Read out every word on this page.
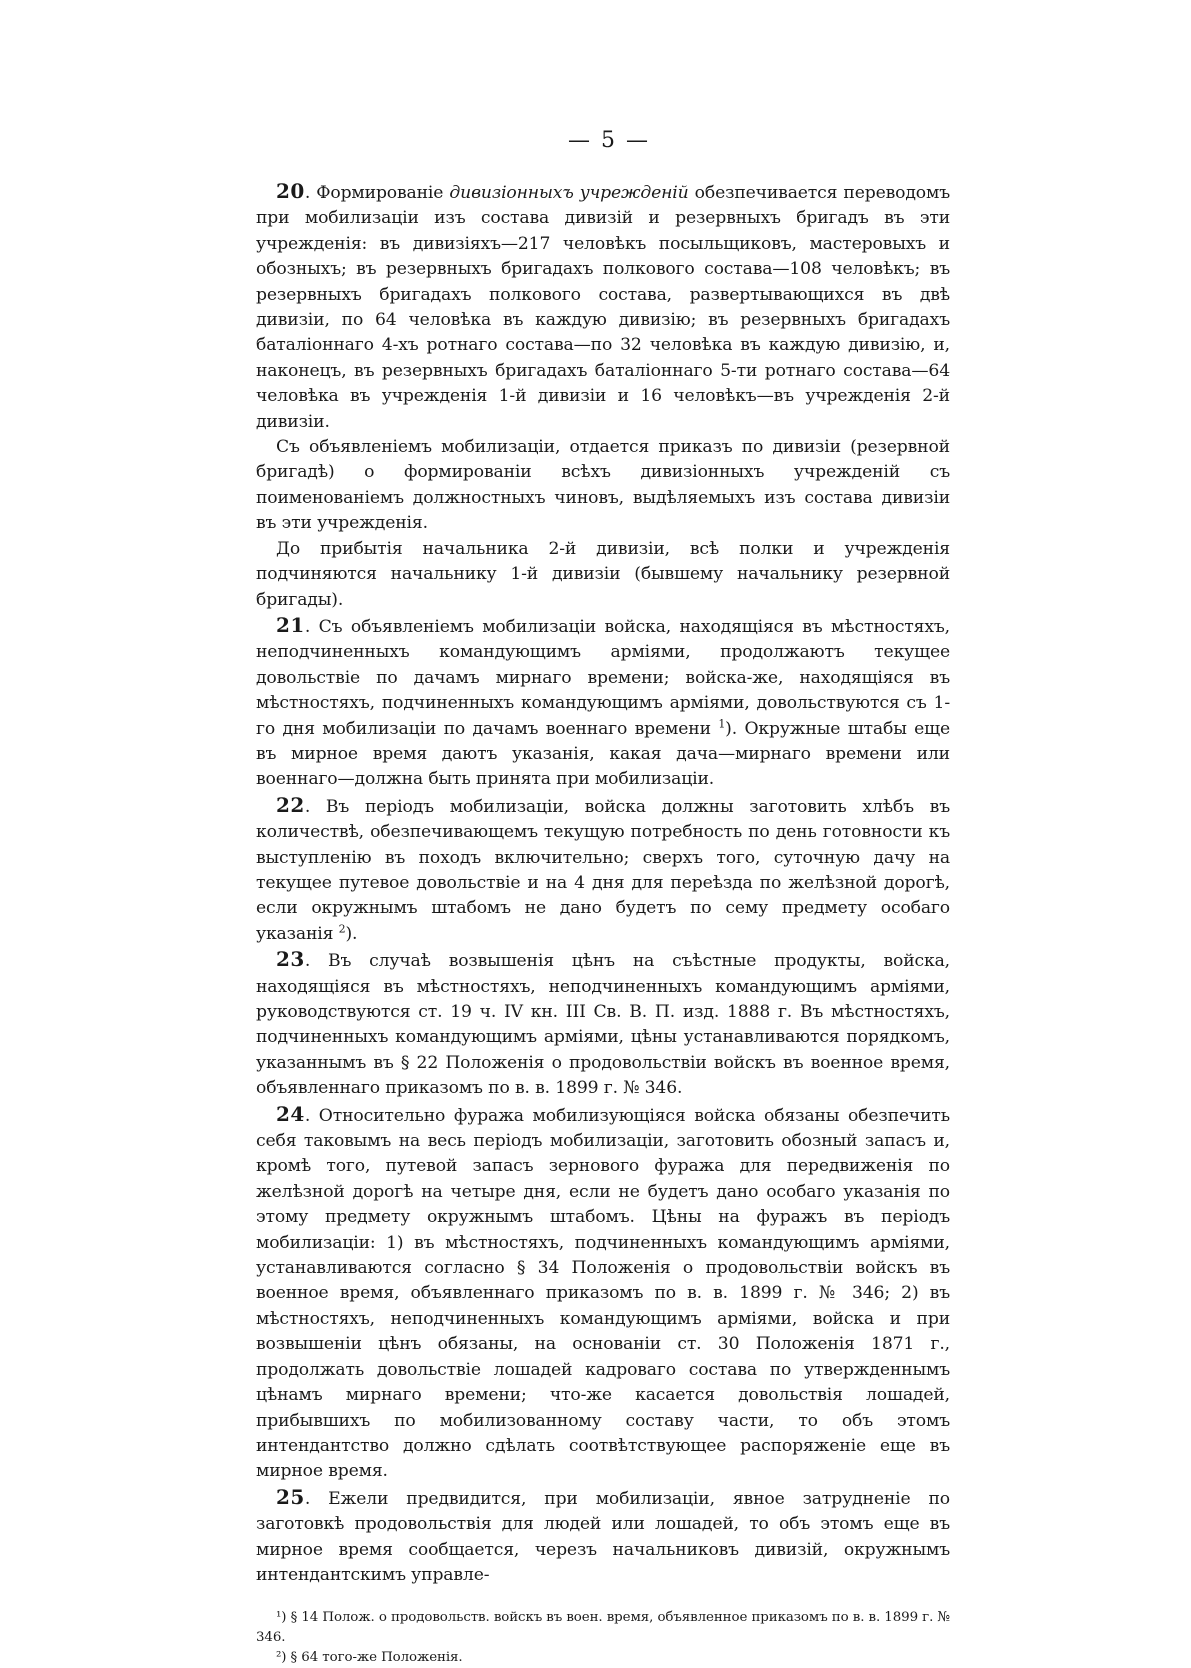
— 5 —

20. Формированіе дивизіонныхъ учрежденій обезпечивается переводомъ при мобилизаціи изъ состава дивизій и резервныхъ бригадъ въ эти учрежденія: въ дивизіяхъ—217 человѣкъ посыльщиковъ, мастеровыхъ и обозныхъ; въ резервныхъ бригадахъ полкового состава—108 человѣкъ; въ резервныхъ бригадахъ полкового состава, развертывающихся въ двѣ дивизіи, по 64 человѣка въ каждую дивизію; въ резервныхъ бригадахъ баталіоннаго 4-хъ ротнаго состава—по 32 человѣка въ каждую дивизію, и, наконецъ, въ резервныхъ бригадахъ баталіоннаго 5-ти ротнаго состава—64 человѣка въ учрежденія 1-й дивизіи и 16 человѣкъ—въ учрежденія 2-й дивизіи.

Съ объявленіемъ мобилизаціи, отдается приказъ по дивизіи (резервной бригадѣ) о формированіи всѣхъ дивизіонныхъ учрежденій съ поименованіемъ должностныхъ чиновъ, выдѣляемыхъ изъ состава дивизіи въ эти учрежденія.

До прибытія начальника 2-й дивизіи, всѣ полки и учрежденія подчиняются начальнику 1-й дивизіи (бывшему начальнику резервной бригады).

21. Съ объявленіемъ мобилизаціи войска, находящіяся въ мѣстностяхъ, неподчиненныхъ командующимъ арміями, продолжаютъ текущее довольствіе по дачамъ мирнаго времени; войска-же, находящіяся въ мѣстностяхъ, подчиненныхъ командующимъ арміями, довольствуются съ 1-го дня мобилизаціи по дачамъ военнаго времени $^1$). Окружные штабы еще въ мирное время даютъ указанія, какая дача—мирнаго времени или военнаго—должна быть принята при мобилизаціи.

22. Въ періодъ мобилизаціи, войска должны заготовить хлѣбъ въ количествѣ, обезпечивающемъ текущую потребность по день готовности къ выступленію въ походъ включительно; сверхъ того, суточную дачу на текущее путевое довольствіе и на 4 дня для переѣзда по желѣзной дорогѣ, если окружнымъ штабомъ не дано будетъ по сему предмету особаго указанія $^2$).

23. Въ случаѣ возвышенія цѣнъ на съѣстные продукты, войска, находящіяся въ мѣстностяхъ, неподчиненныхъ командующимъ арміями, руководствуются ст. 19 ч. IV кн. III Св. В. П. изд. 1888 г. Въ мѣстностяхъ, подчиненныхъ командующимъ арміями, цѣны устанавливаются порядкомъ, указаннымъ въ § 22 Положенія о продовольствіи войскъ въ военное время, объявленнаго приказомъ по в. в. 1899 г. № 346.

24. Относительно фуража мобилизующіяся войска обязаны обезпечить себя таковымъ на весь періодъ мобилизаціи, заготовить обозный запасъ и, кромѣ того, путевой запасъ зернового фуража для передвиженія по желѣзной дорогѣ на четыре дня, если не будетъ дано особаго указанія по этому предмету окружнымъ штабомъ. Цѣны на фуражъ въ періодъ мобилизаціи: 1) въ мѣстностяхъ, подчиненныхъ командующимъ арміями, устанавливаются согласно § 34 Положенія о продовольствіи войскъ въ военное время, объявленнаго приказомъ по в. в. 1899 г. № 346; 2) въ мѣстностяхъ, неподчиненныхъ командующимъ арміями, войска и при возвышеніи цѣнъ обязаны, на основаніи ст. 30 Положенія 1871 г., продолжать довольствіе лошадей кадроваго состава по утвержденнымъ цѣнамъ мирнаго времени; что-же касается довольствія лошадей, прибывшихъ по мобилизованному составу части, то объ этомъ интендантство должно сдѣлать соотвѣтствующее распоряженіе еще въ мирное время.

25. Ежели предвидится, при мобилизаціи, явное затрудненіе по заготовкѣ продовольствія для людей или лошадей, то объ этомъ еще въ мирное время сообщается, черезъ начальниковъ дивизій, окружнымъ интендантскимъ управле-

¹) § 14 Полож. о продовольств. войскъ въ воен. время, объявленное приказомъ по в. в. 1899 г. № 346.

²) § 64 того-же Положенія.
